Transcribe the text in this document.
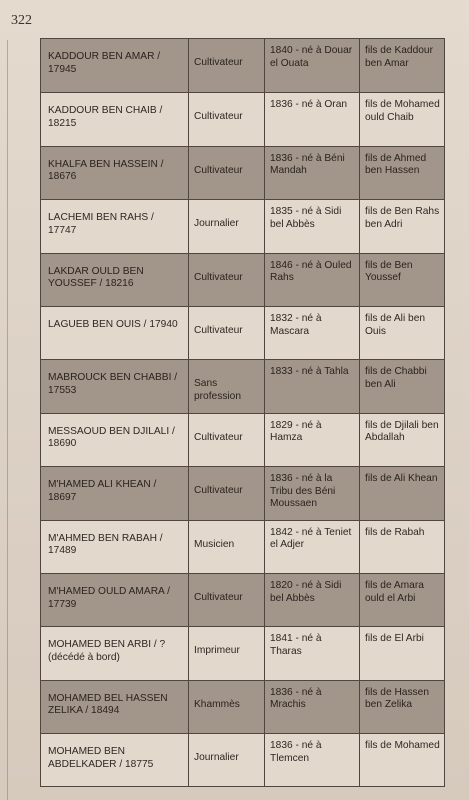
322
KADDOUR BEN AMAR / 17945
Cultivateur
1840 - né à Douar el Ouata
fils de Kaddour ben Amar
KADDOUR BEN CHAIB / 18215
Cultivateur
1836 - né à Oran	fils de Mohamed ould Chaib
KHALFA BEN HASSEIN / 18676
Cultivateur
1836 - né à Béni Mandah
fils de Ahmed ben Hassen
LACHEMI BEN RAHS / 17747
Journalier
1835 - né à Sidi bel Abbès
fils de Ben Rahs ben Adri
LAKDAR OULD BEN YOUSSEF / 18216
Cultivateur
1846 - né à Ouled Rahs
fils de Ben Youssef
LAGUEB BEN OUIS / 17940
Cultivateur
1832 - né à Mascara
fils de Ali ben Ouis
MABROUCK BEN CHABBI / 17553
Sans profession
1833 - né à Tahla	fils de Chabbi ben Ali
MESSAOUD BEN DJILALI / 18690
Cultivateur
1829 - né à Hamza
fils de Djilali ben Abdallah
M'HAMED ALI KHEAN / 18697
Cultivateur
1836 - né à la Tribu des Béni Moussaen
fils de Ali Khean
M'AHMED BEN RABAH / 17489
Musicien
1842 - né à Teniet el Adjer
fils de Rabah
M'HAMED OULD AMARA / 17739
Cultivateur
1820 - né à Sidi bel Abbès
fils de Amara ould el Arbi
MOHAMED BEN ARBI / ? (décédé à bord)
Imprimeur
1841 - né à Tharas
fils de El Arbi
MOHAMED BEL HASSEN ZELIKA / 18494
Khammès
1836 - né à Mrachis
fils de Hassen ben Zelika
MOHAMED BEN ABDELKADER / 18775
Journalier
1836 - né à Tlemcen
fils de Mohamed
